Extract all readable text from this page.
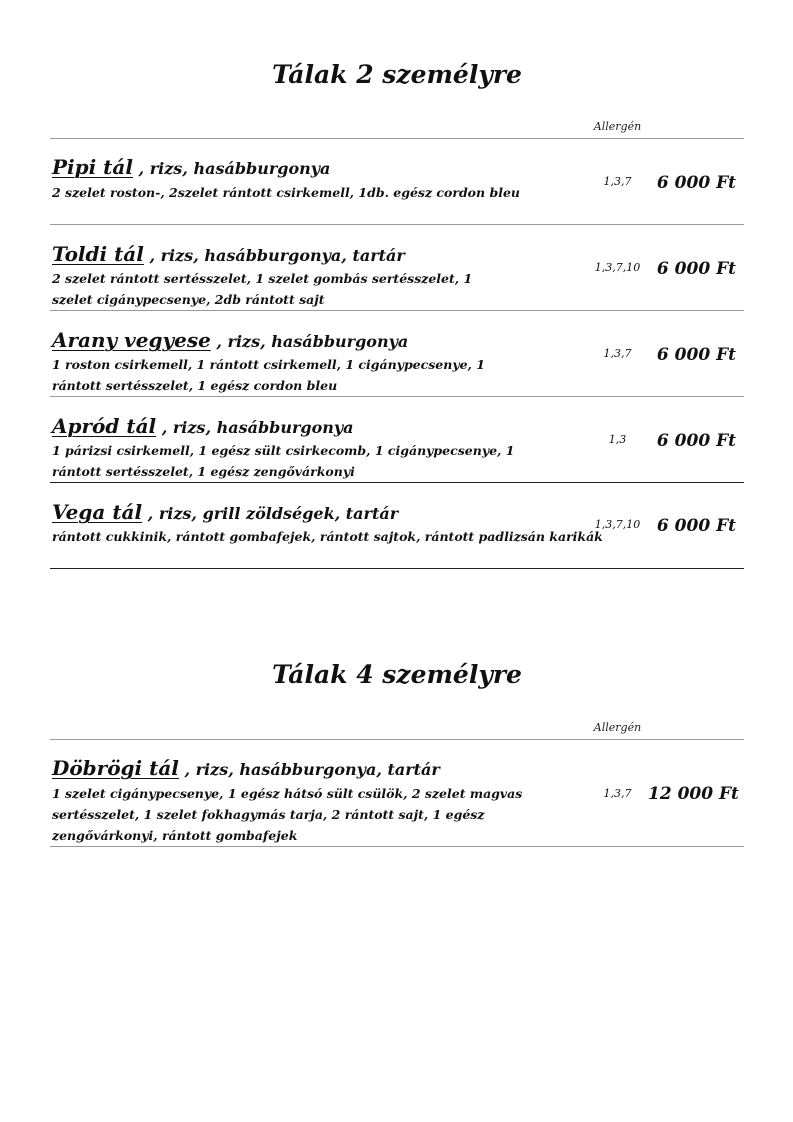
Tálak 2 személyre
Allergén
Pipi tál , rizs, hasábburgonya
2 szelet roston-, 2szelet rántott csirkemell, 1db. egész cordon bleu
1,3,7	6 000 Ft
Toldi tál , rizs, hasábburgonya, tartár
2 szelet rántott sertésszelet, 1 szelet gombás sertésszelet, 1 szelet cigánypecsenye, 2db rántott sajt
1,3,7,10 6 000 Ft
Arany vegyese , rizs, hasábburgonya
1 roston csirkemell, 1 rántott csirkemell, 1 cigánypecsenye, 1 rántott sertésszelet, 1 egész cordon bleu
1,3,7	6 000 Ft
Apród tál , rizs, hasábburgonya
1 párizsi csirkemell, 1 egész sült csirkecomb, 1 cigánypecsenye, 1 rántott sertésszelet, 1 egész zengővárkonyi
1,3	6 000 Ft
Vega tál , rizs, grill zöldségek, tartár
rántott cukkinik, rántott gombafejek, rántott sajtok, rántott padlizsán karikák
1,3,7,10 6 000 Ft
Tálak 4 személyre
Allergén
Döbrögi tál , rizs, hasábburgonya, tartár
1 szelet cigánypecsenye, 1 egész hátsó sült csülök, 2 szelet magvas sertésszelet, 1 szelet fokhagymás tarja, 2 rántott sajt, 1 egész zengővárkonyi, rántott gombafejek
1,3,7 12 000 Ft
